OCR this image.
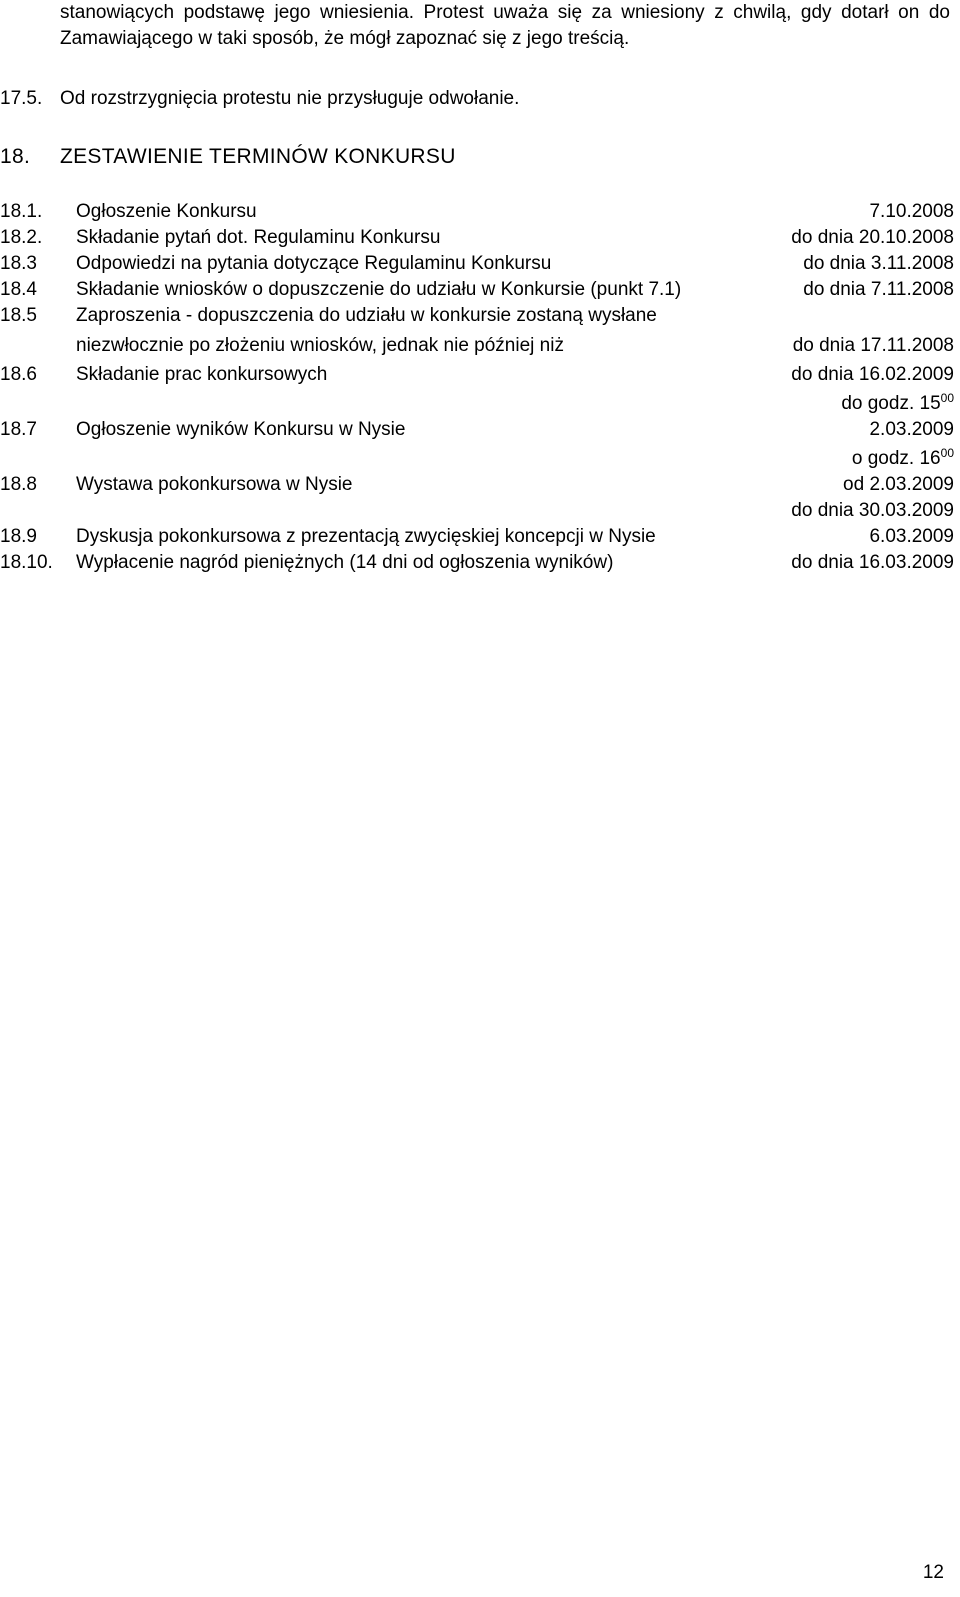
stanowiących podstawę jego wniesienia. Protest uważa się za wniesiony z chwilą, gdy dotarł on do

Zamawiającego w taki sposób, że mógł zapoznać się z jego treścią.

17.5. Od rozstrzygnięcia protestu nie przysługuje odwołanie.
18. ZESTAWIENIE TERMINÓW KONKURSU
18.1. Ogłoszenie Konkursu	7.10.2008
18.2. Składanie pytań dot. Regulaminu Konkursu	do dnia 20.10.2008
18.3 Odpowiedzi na pytania dotyczące Regulaminu Konkursu	do dnia 3.11.2008
18.4 Składanie wniosków o dopuszczenie do udziału w Konkursie (punkt 7.1)	do dnia 7.11.2008
18.5 Zaproszenia - dopuszczenia do udziału w konkursie zostaną wysłane
niezwłocznie po złożeniu wniosków, jednak nie później niż	do dnia 17.11.2008
18.6 Składanie prac konkursowych	do dnia 16.02.2009
do godz. $15^{00}$
18.7 Ogłoszenie wyników Konkursu w Nysie	2.03.2009
o godz. $16^{00}$
18.8 Wystawa pokonkursowa w Nysie	od 2.03.2009
do dnia 30.03.2009
18.9 Dyskusja pokonkursowa z prezentacją zwycięskiej koncepcji w Nysie	6.03.2009
18.10. Wypłacenie nagród pieniężnych (14 dni od ogłoszenia wyników)	do dnia 16.03.2009
12
